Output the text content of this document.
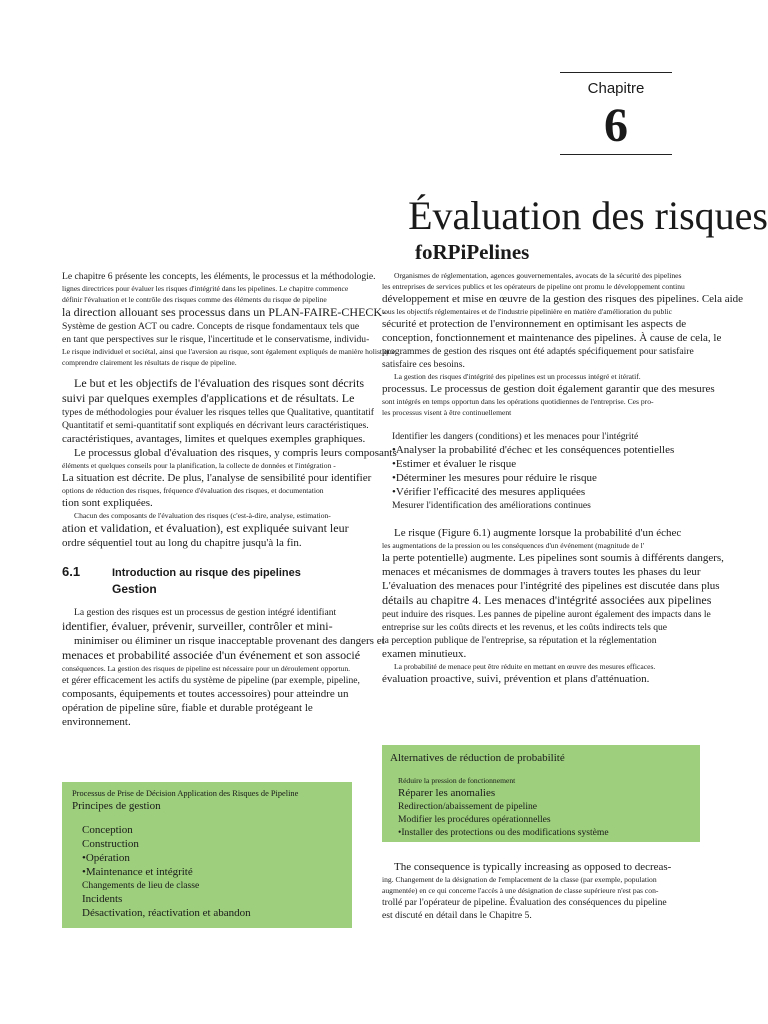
Chapitre
6
Évaluation des risques
foRPiPelines
Le chapitre 6 présente les concepts, les éléments, le processus et la méthodologie.
lignes directrices pour évaluer les risques d'intégrité dans les pipelines. Le chapitre commence
définir l'évaluation et le contrôle des risques comme des éléments du risque de pipeline
la direction allouant ses processus dans un PLAN-FAIRE-CHECK-
Système de gestion ACT ou cadre. Concepts de risque fondamentaux tels que
en tant que perspectives sur le risque, l'incertitude et le conservatisme, individu-
Le risque individuel et sociétal, ainsi que l'aversion au risque, sont également expliqués de manière holistique.
comprendre clairement les résultats de risque de pipeline.
Le but et les objectifs de l'évaluation des risques sont décrits
suivi par quelques exemples d'applications et de résultats. Le
types de méthodologies pour évaluer les risques telles que Qualitative, quantitatif
Quantitatif et semi-quantitatif sont expliqués en décrivant leurs caractéristiques.
caractéristiques, avantages, limites et quelques exemples graphiques.
Le processus global d'évaluation des risques, y compris leurs composants
éléments et quelques conseils pour la planification, la collecte de données et l'intégration -
La situation est décrite. De plus, l'analyse de sensibilité pour identifier
options de réduction des risques, fréquence d'évaluation des risques, et documentation
tion sont expliquées.
Chacun des composants de l'évaluation des risques (c'est-à-dire, analyse, estimation-
ation et validation, et évaluation), est expliquée suivant leur
ordre séquentiel tout au long du chapitre jusqu'à la fin.
6.1	Introduction au risque des pipelines
Gestion
La gestion des risques est un processus de gestion intégré identifiant
identifier, évaluer, prévenir, surveiller, contrôler et mini-
minimiser ou éliminer un risque inacceptable provenant des dangers et
menaces et probabilité associée d'un événement et son associé
conséquences. La gestion des risques de pipeline est nécessaire pour un déroulement opportun.
et gérer efficacement les actifs du système de pipeline (par exemple, pipeline,
composants, équipements et toutes accessoires) pour atteindre un
opération de pipeline sûre, fiable et durable protégeant le
environnement.
Processus de Prise de Décision Application des Risques de Pipeline
Principes de gestion
Conception
Construction
•Opération
•Maintenance et intégrité
Changements de lieu de classe
Incidents
Désactivation, réactivation et abandon
Organismes de réglementation, agences gouvernementales, avocats de la sécurité des pipelines
les entreprises de services publics et les opérateurs de pipeline ont promu le développement continu
développement et mise en œuvre de la gestion des risques des pipelines. Cela aide
tous les objectifs réglementaires et de l'industrie pipelinière en matière d'amélioration du public
sécurité et protection de l'environnement en optimisant les aspects de
conception, fonctionnement et maintenance des pipelines. À cause de cela, le
programmes de gestion des risques ont été adaptés spécifiquement pour satisfaire
satisfaire ces besoins.
La gestion des risques d'intégrité des pipelines est un processus intégré et itératif.
processus. Le processus de gestion doit également garantir que des mesures
sont intégrés en temps opportun dans les opérations quotidiennes de l'entreprise. Ces pro-
les processus visent à être continuellement
Identifier les dangers (conditions) et les menaces pour l'intégrité
•Analyser la probabilité d'échec et les conséquences potentielles
•Estimer et évaluer le risque
•Déterminer les mesures pour réduire le risque
•Vérifier l'efficacité des mesures appliquées
Mesurer l'identification des améliorations continues
Le risque (Figure 6.1) augmente lorsque la probabilité d'un échec
les augmentations de la pression ou les conséquences d'un événement (magnitude de l'
la perte potentielle) augmente. Les pipelines sont soumis à différents dangers,
menaces et mécanismes de dommages à travers toutes les phases du leur
L'évaluation des menaces pour l'intégrité des pipelines est discutée dans plus
détails au chapitre 4. Les menaces d'intégrité associées aux pipelines
peut induire des risques. Les pannes de pipeline auront également des impacts dans le
entreprise sur les coûts directs et les revenus, et les coûts indirects tels que
la perception publique de l'entreprise, sa réputation et la réglementation
examen minutieux.
La probabilité de menace peut être réduite en mettant en œuvre des mesures efficaces.
évaluation proactive, suivi, prévention et plans d'atténuation.
Alternatives de réduction de probabilité
Réduire la pression de fonctionnement
Réparer les anomalies
Redirection/abaissement de pipeline
Modifier les procédures opérationnelles
•Installer des protections ou des modifications système
The consequence is typically increasing as opposed to decreas-
ing. Changement de la désignation de l'emplacement de la classe (par exemple, population
augmentée) en ce qui concerne l'accès à une désignation de classe supérieure n'est pas con-
trollé par l'opérateur de pipeline. Évaluation des conséquences du pipeline
est discuté en détail dans le Chapitre 5.
